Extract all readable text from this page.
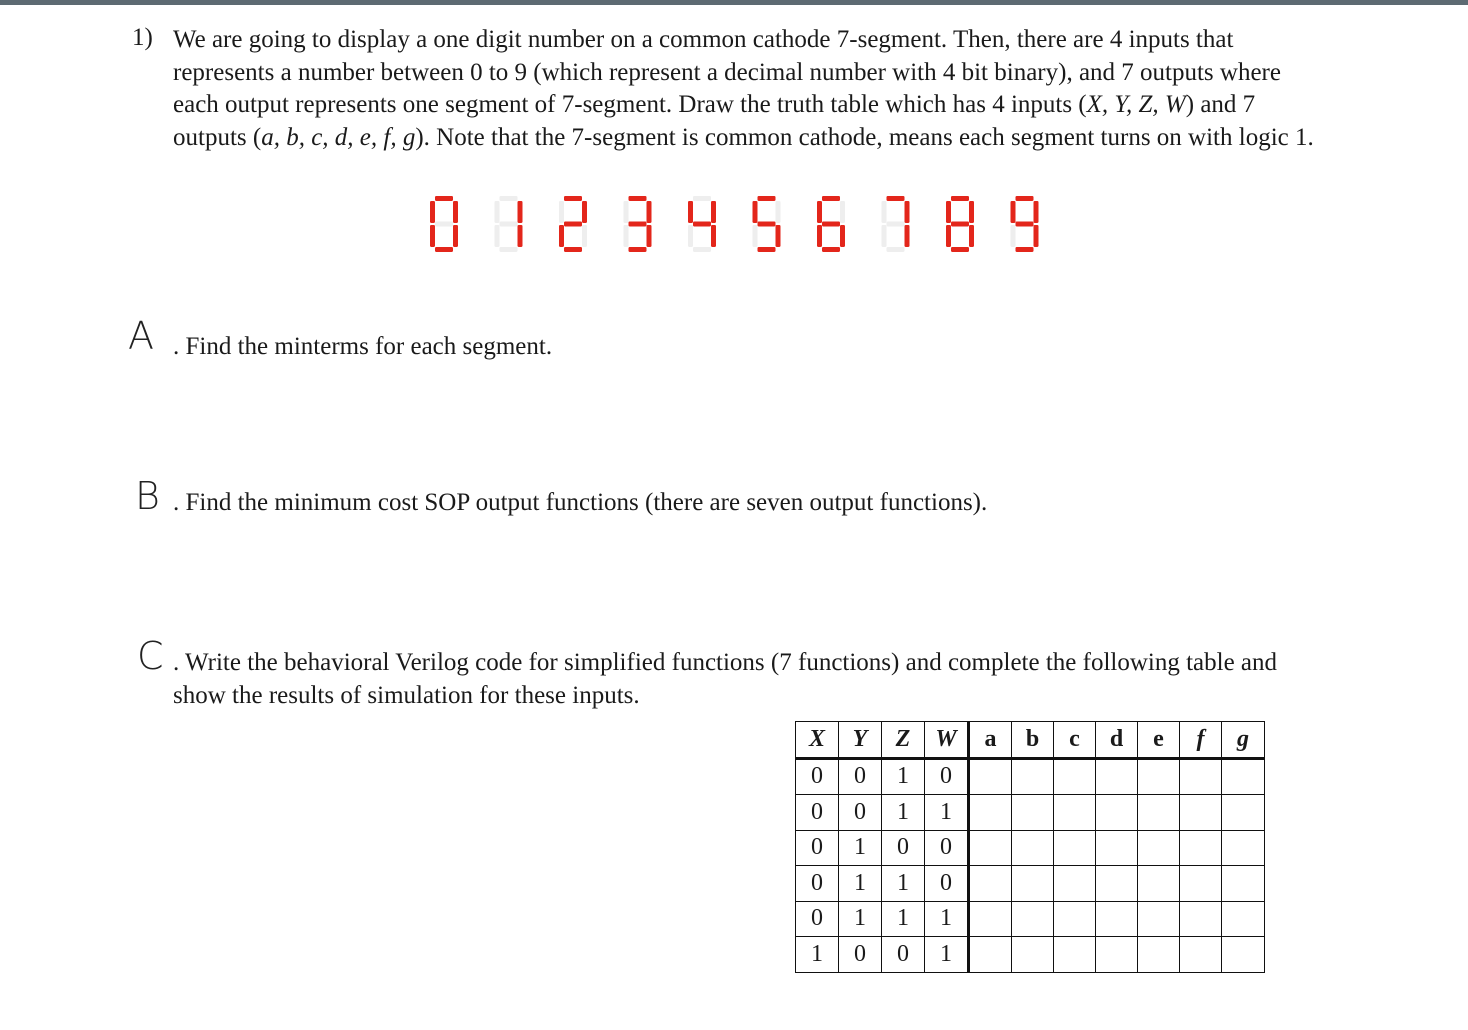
1) We are going to display a one digit number on a common cathode 7-segment. Then, there are 4 inputs that
represents a number between 0 to 9 (which represent a decimal number with 4 bit binary), and 7 outputs where
each output represents one segment of 7-segment. Draw the truth table which has 4 inputs (X, Y, Z, W) and 7
outputs (a, b, c, d, e, f, g). Note that the 7-segment is common cathode, means each segment turns on with logic 1.
A . Find the minterms for each segment.
B . Find the minimum cost SOP output functions (there are seven output functions).
C . Write the behavioral Verilog code for simplified functions (7 functions) and complete the following table and
show the results of simulation for these inputs.
X	Y	Z	W	a	b	c	d	e	f	g
0	0	1	0							
0	0	1	1							
0	1	0	0							
0	1	1	0							
0	1	1	1							
1	0	0	1							
